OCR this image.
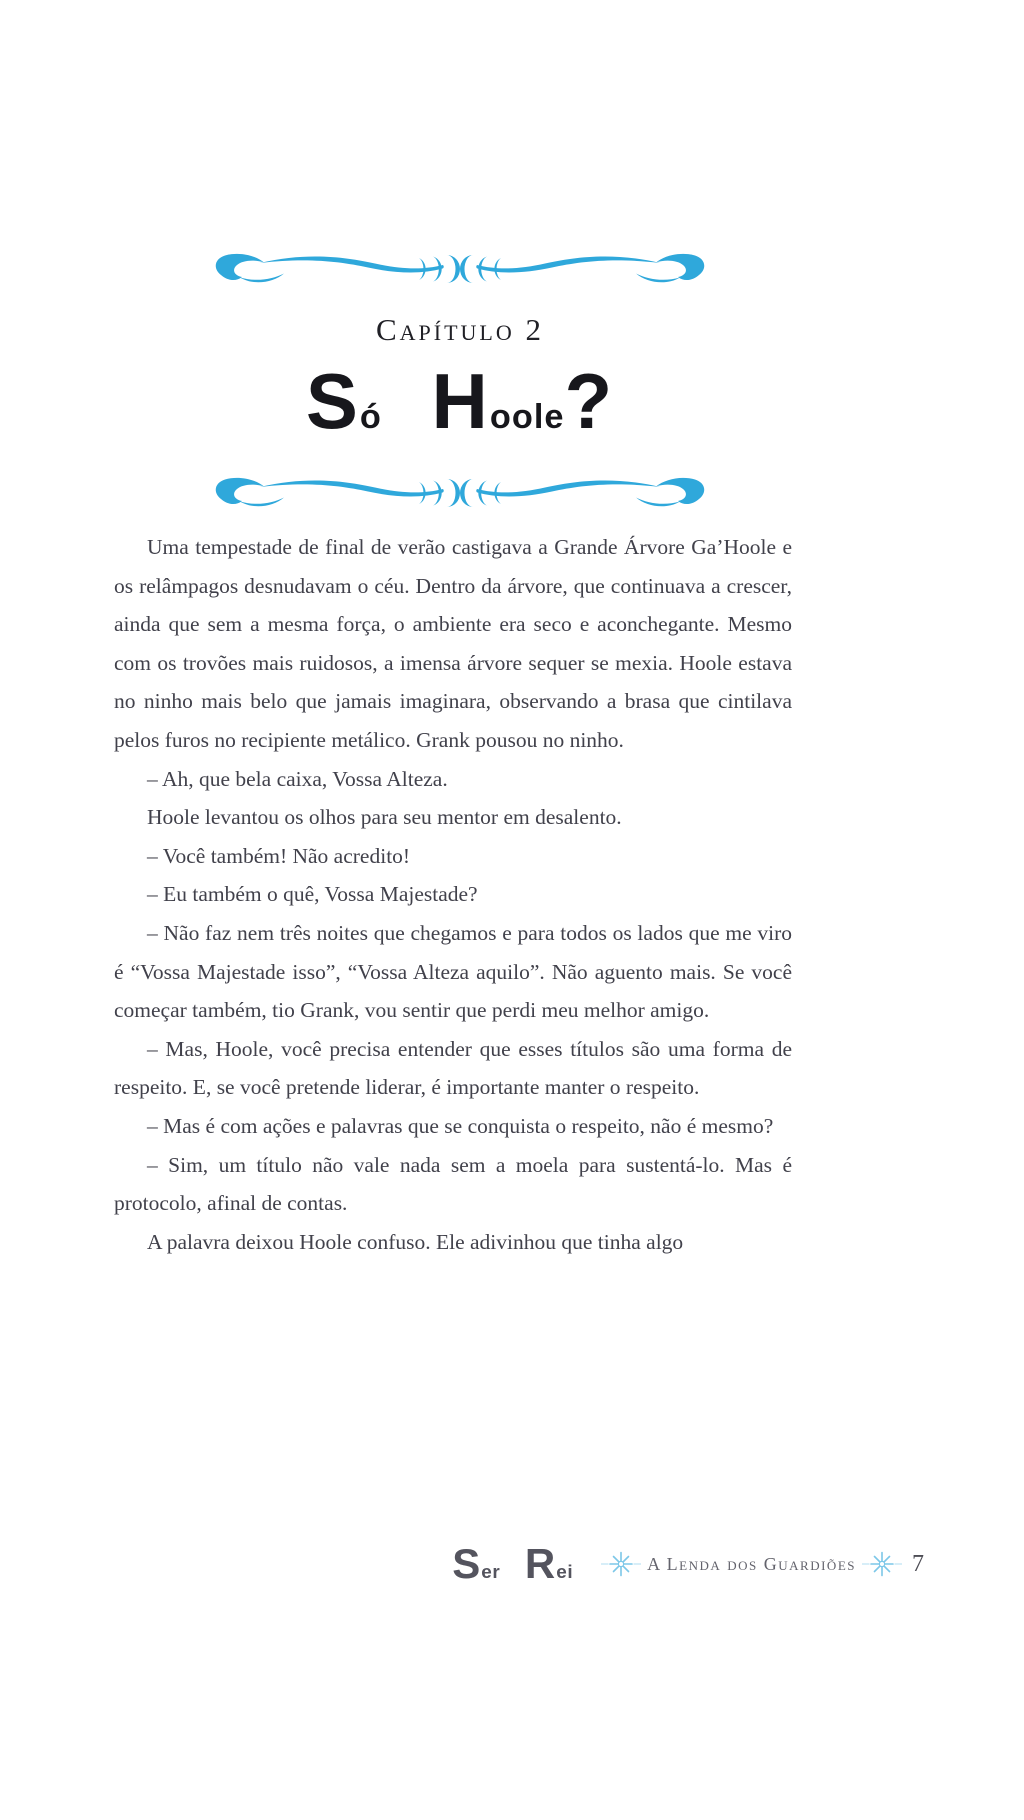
Capítulo 2
Só Hoole?

Uma tempestade de final de verão castigava a Grande Árvore Ga’Hoole e os relâmpagos desnudavam o céu. Dentro da árvore, que continuava a crescer, ainda que sem a mesma força, o ambiente era seco e aconchegante. Mesmo com os trovões mais ruidosos, a imensa árvore sequer se mexia. Hoole estava no ninho mais belo que jamais imaginara, observando a brasa que cintilava pelos furos no recipiente metálico. Grank pousou no ninho.

– Ah, que bela caixa, Vossa Alteza.

Hoole levantou os olhos para seu mentor em desalento.

– Você também! Não acredito!

– Eu também o quê, Vossa Majestade?

– Não faz nem três noites que chegamos e para todos os lados que me viro é “Vossa Majestade isso”, “Vossa Alteza aquilo”. Não aguento mais. Se você começar também, tio Grank, vou sentir que perdi meu melhor amigo.

– Mas, Hoole, você precisa entender que esses títulos são uma forma de respeito. E, se você pretende liderar, é importante manter o respeito.

– Mas é com ações e palavras que se conquista o respeito, não é mesmo?

– Sim, um título não vale nada sem a moela para sustentá-lo. Mas é protocolo, afinal de contas.

A palavra deixou Hoole confuso. Ele adivinhou que tinha algo

Ser Rei	A Lenda dos Guardiões 7
